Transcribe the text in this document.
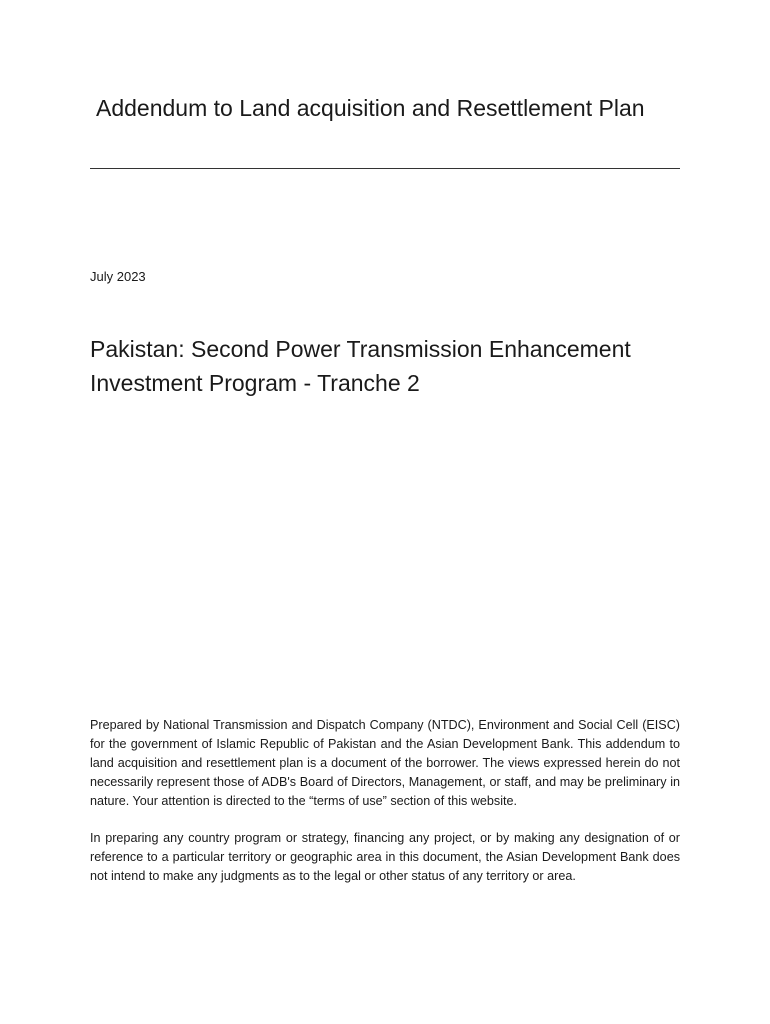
Addendum to Land acquisition and Resettlement Plan

July 2023

Pakistan: Second Power Transmission Enhancement Investment Program - Tranche 2

Prepared by National Transmission and Dispatch Company (NTDC), Environment and Social Cell (EISC) for the government of Islamic Republic of Pakistan and the Asian Development Bank. This addendum to land acquisition and resettlement plan is a document of the borrower. The views expressed herein do not necessarily represent those of ADB's Board of Directors, Management, or staff, and may be preliminary in nature. Your attention is directed to the “terms of use” section of this website.

In preparing any country program or strategy, financing any project, or by making any designation of or reference to a particular territory or geographic area in this document, the Asian Development Bank does not intend to make any judgments as to the legal or other status of any territory or area.
